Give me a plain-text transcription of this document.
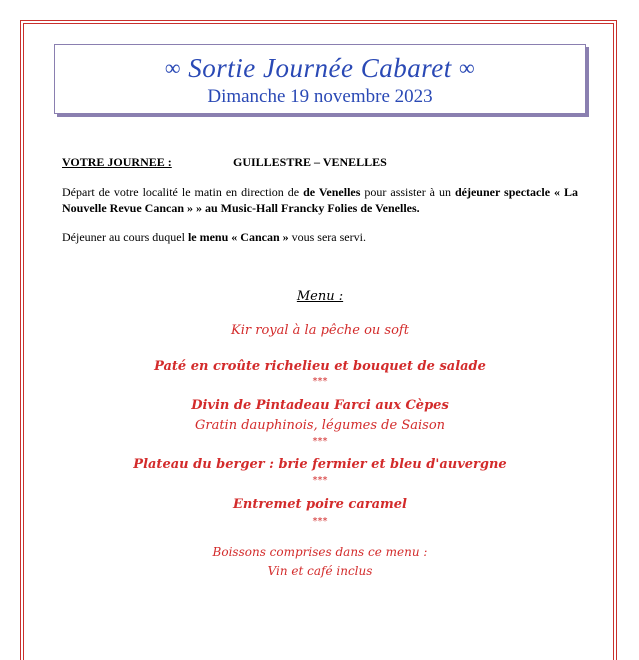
∞ Sortie Journée Cabaret ∞
Dimanche 19 novembre 2023
VOTRE JOURNEE :	GUILLESTRE – VENELLES
Départ de votre localité le matin en direction de de Venelles pour assister à un déjeuner spectacle « La Nouvelle Revue Cancan » » au Music-Hall Francky Folies de Venelles.
Déjeuner au cours duquel le menu « Cancan » vous sera servi.
Menu :
Kir royal à la pêche ou soft
Paté en croûte richelieu et bouquet de salade
***
Divin de Pintadeau Farci aux Cèpes
Gratin dauphinois, légumes de Saison
***
Plateau du berger : brie fermier et bleu d'auvergne
***
Entremet poire caramel
***
Boissons comprises dans ce menu :
Vin et café inclus
